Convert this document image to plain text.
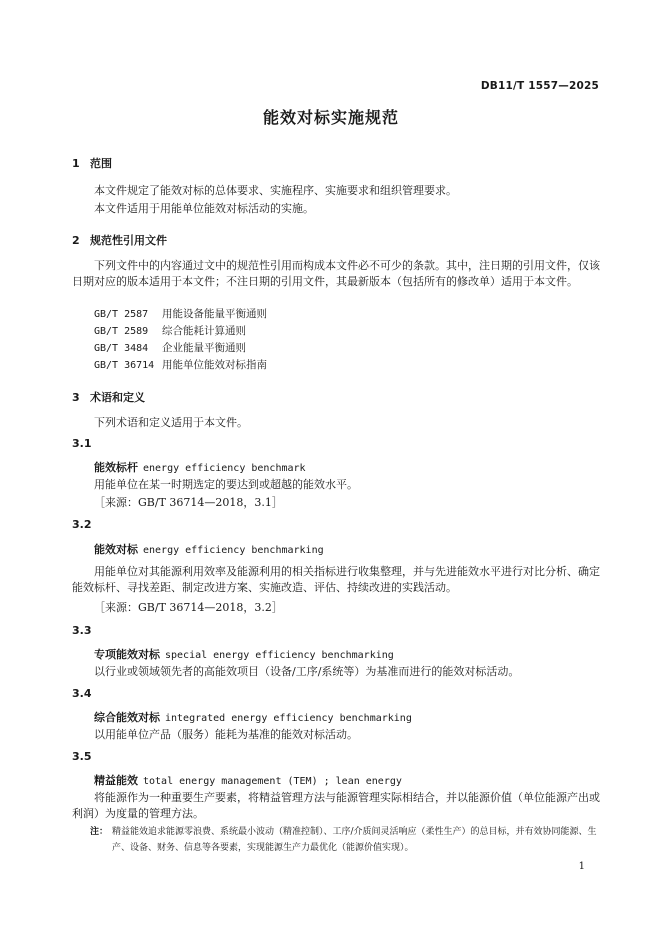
DB11/T 1557—2025
能效对标实施规范
1 范围
本文件规定了能效对标的总体要求、实施程序、实施要求和组织管理要求。
本文件适用于用能单位能效对标活动的实施。
2 规范性引用文件
下列文件中的内容通过文中的规范性引用而构成本文件必不可少的条款。其中，注日期的引用文件，仅该日期对应的版本适用于本文件；不注日期的引用文件，其最新版本（包括所有的修改单）适用于本文件。
GB/T 2587 用能设备能量平衡通则
GB/T 2589 综合能耗计算通则
GB/T 3484 企业能量平衡通则
GB/T 36714 用能单位能效对标指南
3 术语和定义
下列术语和定义适用于本文件。
3.1
能效标杆 energy efficiency benchmark
用能单位在某一时期选定的要达到或超越的能效水平。
［来源：GB/T 36714—2018，3.1］
3.2
能效对标 energy efficiency benchmarking
用能单位对其能源利用效率及能源利用的相关指标进行收集整理，并与先进能效水平进行对比分析、确定能效标杆、寻找差距、制定改进方案、实施改造、评估、持续改进的实践活动。
［来源：GB/T 36714—2018，3.2］
3.3
专项能效对标 special energy efficiency benchmarking
以行业或领域领先者的高能效项目（设备/工序/系统等）为基准而进行的能效对标活动。
3.4
综合能效对标 integrated energy efficiency benchmarking
以用能单位产品（服务）能耗为基准的能效对标活动。
3.5
精益能效 total energy management (TEM) ; lean energy
将能源作为一种重要生产要素，将精益管理方法与能源管理实际相结合，并以能源价值（单位能源产出或利润）为度量的管理方法。
注： 精益能效追求能源零浪费、系统最小波动（精准控制）、工序/介质间灵活响应（柔性生产）的总目标，并有效协同能源、生产、设备、财务、信息等各要素，实现能源生产力最优化（能源价值实现）。
1
